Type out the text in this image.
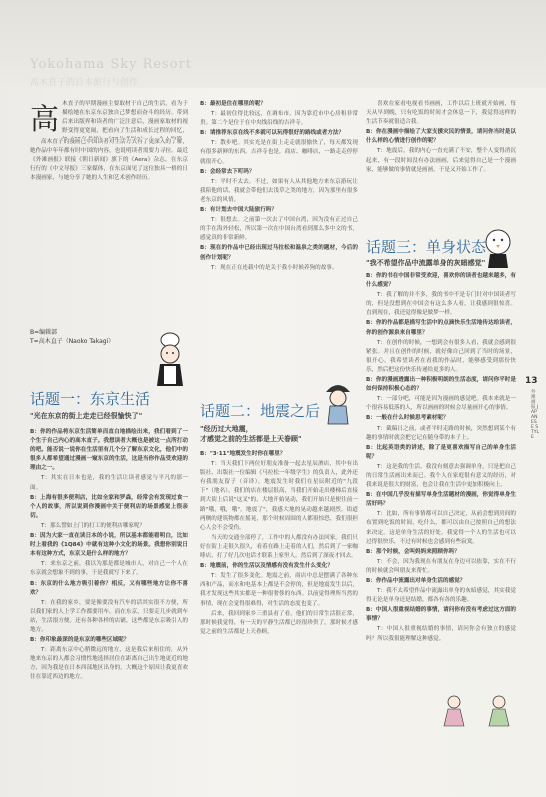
Yokohama Sky Resort
高木直子的日本旅行与创作
高 木直子的早期漫画主要取材于自己的生活，看为于描绘她在东京东京独自己梦想而奋斗的经历。带到后来出版界和读者的广泛注意后，漫画家取材的视野变得更宽阔，把看向了生活和成长过程的回忆，

高木直子的漫画已中国读者对生活方式有了更深入的了解，她作品中年年都有时中国的内容，也说明读者需要力寻拉。最近《外滩画报》联接《朝日新闻》旗下的《Aera》杂志，在东京行行的《中文导报》三家媒体，在东京面见了这位独具一格的日本漫画家，与她分享了她的人生和艺术创作经历。

B=编辑部
T=高木直子（Naoko Takagi）
话题一：东京生活
"光在东京的街上走走已经很愉快了"

B：你的作品将东京生活简单而直白地描绘出来，我们看到了一个生于自己内心的高木直子。我想读者大概也是被这一点所打动的吧。能否说一说你在生活里有几个分了解东京文化，他们中的很多人都希望通过漫画一窥东京的生活，这是当你作品受欢迎的理由之一。

T：其实在日本也是，我的生活让读者感觉与平凡的那一面。

B：上海有很多便利店，比如全家和罗森，经常会有发现过食一个人的故事，所以说到你漫画中关于便利店的场景感觉上很亲切。

T：那么譬如上门的打工的便利店哪家呢？

B：因为大家一直在读日本的小说，所以基本都能看明白，比如时上看我的《1Q84》中就有这种小文化的场景。我想你别说日本有这种方式，东京又是什么样的地方？

T：来东京之前，我以为那是都是城市人，对自己一个人在东京就会想象不到的事，于是我就写下来了。

B：东京的什么地方吸引着你？相反，又有哪些地方让你不喜欢？

T：在我的家乡，要是像要没有汽车的话其实很不方便，所以我们家的人上学工作都要用车。而在东京，只要走几步就到车站，生活很方便。还有各种各样的店铺，这些都是东京吸引人的地方。

B：你印象最深的是东京的哪些区域呢？

T：距离东京中心稍微远的地方，这是我后来租住的，从外地来东京的人都会习惯性地选择居住在距离自己出生地更近的地方，因为我是在日本西部地区出身的，大概这个原因让我更喜欢住在靠近西边的地方。

B：最初是住在哪里的呢？

T：最初住得比较远，在调布市。因为靠近市中心房租非常贵。第二个是位于在中央线沿线的吉祥寺。

B：请推荐东京在线不多就可以玩得很好的路线或者方法？

T：散步吧。其实光是在街上走走就很愉快了，每天都发现有很多新鲜的东西。吉祥寺也是，商店、咖啡店，一路走走停停就很开心。

B：会经常去下町吗？

T：平时不太去。不过，如果有人从其他地方来东京游玩让我陪他的话，我就会带他们去浅草之类的地方，因为那里有很多老东京的风情。

B：有计划去中国大陆旅行吗？

T：很想去。之前第一次去了中国台湾，因为没有正过自己的手在海外轻松，所以第一次在中国台湾看到那么多中文的书，感觉真的非常新鲜。

B：现在的作品中已经出现过马拉松和温泉之类的题材，今后的创作计划呢？

T：现在正在连载中的是关于我小时候养狗的故事。

话题二：地震之后
"经历过大地震，
才感觉之前的生活都是上天眷顾"

B："3·11"地震发生时你在哪里？

T：当天我们下两位好朋友准备一起去星辰酒店，其中有出版社、出版社一位编辑《马拉松一年级学生》的负责人，此外还有我朋友留子（音译）。地震发生时我们在星辰附近的"九段下"（地名）。我们的店在楼层很高，当我们开始走出楼梯后直接到大街上后说"这叉"的，大地开始晃动，我们开始只是便往前一路"哦，哦，哦"，地震了"，我感大地的晃动越来越剧烈。街道两侧的建筑物都在摇晃，那个时候周围的人都很惊恐，我们很担心人会不会受伤。

当天的交通全部停了，工作中的人都没有办法回家。我们只好在街上走很久很久，看着在路上走着的人们，然后到了一家咖啡店，打了好几次电话才联系上家里人，然后到了深夜才回去。

B：地震前，你的生活以及情感有没有发生什么变化？

T：发生了很多变化。地震之前，商店中总是摆满了各种东西和产品，而水和电基本上都是不会停的，但是地震发生以后，我才发现这些其实都是一种很奢侈的东西。以前觉得理所当然的事情，现在会觉得很难得，对生活的态度也变了。

后来，我回到家乡三重县看了看，他们的日常生活很正常，那时候我觉得，有一天的平静生活都已经很珍贵了，那时候才感觉之前的生活都是上天眷顾。

喜欢在家看电视看书画画，工作以后上班就开始画，每天从早到晚，只有吃饭的时间才会休息一下，我觉得这样的生活节奏就很适合我。

B：你在漫画中描绘了大家支援灾民的情景，请问你当时是以什么样的心情进行创作的呢？

T：地震后，我的内心一直充满了不安，整个人变得消沉起来，有一段时间没有办法画画，后来觉得自己是一个漫画家，能够做的事情就是画画，于是又开始工作了。

话题三：单身状态
"我不希望作品中流露单身的灰暗感觉"

B：你的书在中国非常受欢迎，喜欢你的读者也越来越多，有什么感觉？

T：我了解的并不多，我的书中不是专门针对中国读者写的，但是没想到在中国会有这么多人看，让我感到很惊喜。直到现在，我还觉得像是做梦一样。

B：你的作品都是描写生活中的点滴快乐生活地传达给读者，你的创作源泉来自哪里？

T：在创作的时候，一想到会有很多人看，我就会感到很紧张。并且在创作的时候，就好像自己回到了当时的场景，很开心。我希望读者在看我的作品时，能够感受到那份快乐，然后把这份快乐传递给更多的人。

B：你的漫画透露出一种积极明朗的生活态度，请问你平时是如何保持积极心态的？

T：一部分吧，可能是因为漫画的感觉吧。我本来就是一个很容易低落的人，所以画画的时候会尽量画开心的事情。

B：一般在什么时候思考素材呢？

T：截稿日之前，或者平时走路的时候，突然想到某个有趣的事情时就会把它记在随身带的本子上。

B：比起英语类的讲述，除了是更喜欢描写自己的单身生活呢？

T：这是我的生活。我没有刻意去强调单身，只是把自己的日常生活画出来而已。我个人在家庭很有意义的经历，对我来说是很大的财富，也会让我在生活中更加积极向上。

B：在中国几乎没有描写单身生活题材的漫画，你觉得单身生活好吗？

T：比如，所有事情都可以自己决定，从前会想到房间的布置到吃饭的时间，吃什么，都可以由自己按照自己的想法来决定。这是单身生活的好处。我觉得一个人的生活也可以过得很快乐，不过有时候也会感到有些寂寞。

B：那个时候，会叫妈妈来照顾你吗？

T：不会，因为我现在有朋友在身边可以依靠，实在不行的时候就会叫朋友来帮忙。

B：你作品中流露出对单身生活的感觉？

T：我不太希望作品中流露出单身的灰暗感觉，其实我觉得无论是单身还是结婚，都各有各的乐趣。

B：中国人很重视结婚的事情，请问你有没有考虑过这方面的事情？

T：中国人很重视结婚的事情，请问你会有独立的感觉吗？所以我很能理解这种感觉。

13
外滩画报 JAPANESE STYLE
